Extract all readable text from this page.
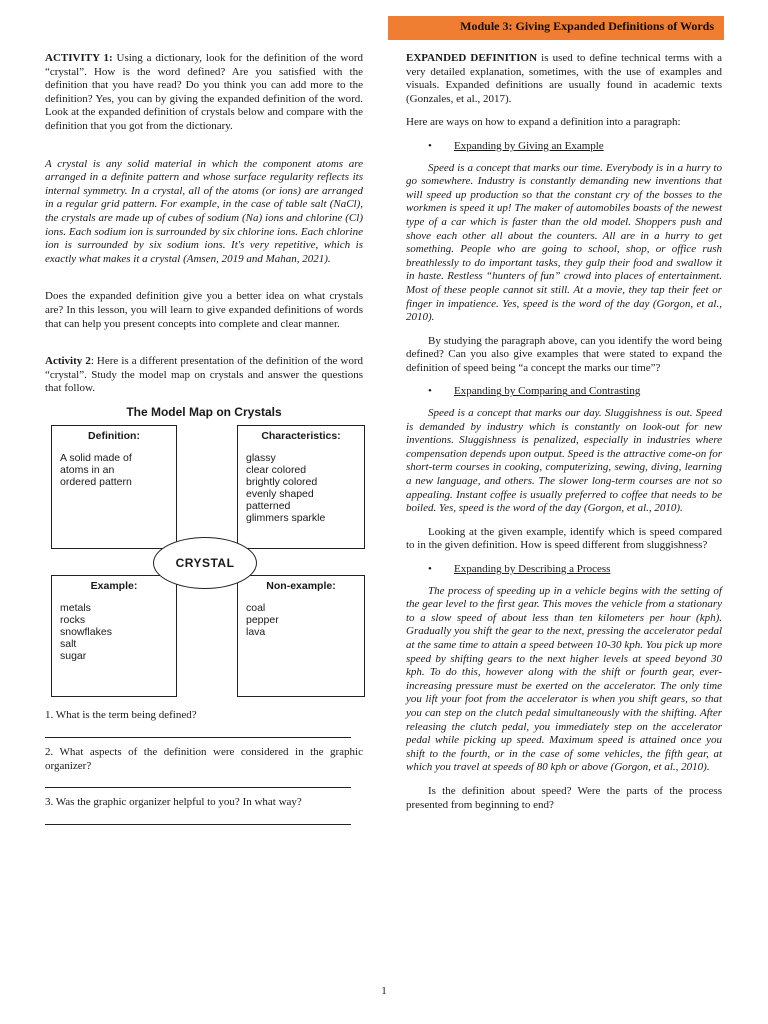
Module 3: Giving Expanded Definitions of Words

ACTIVITY 1: Using a dictionary, look for the definition of the word “crystal”. How is the word defined? Are you satisfied with the definition that you have read? Do you think you can add more to the definition? Yes, you can by giving the expanded definition of the word. Look at the expanded definition of crystals below and compare with the definition that you got from the dictionary.

A crystal is any solid material in which the component atoms are arranged in a definite pattern and whose surface regularity reflects its internal symmetry. In a crystal, all of the atoms (or ions) are arranged in a regular grid pattern. For example, in the case of table salt (NaCl), the crystals are made up of cubes of sodium (Na) ions and chlorine (Cl) ions. Each sodium ion is surrounded by six chlorine ions. Each chlorine ion is surrounded by six sodium ions. It's very repetitive, which is exactly what makes it a crystal (Amsen, 2019 and Mahan, 2021).

Does the expanded definition give you a better idea on what crystals are? In this lesson, you will learn to give expanded definitions of words that can help you present concepts into complete and clear manner.

Activity 2: Here is a different presentation of the definition of the word “crystal”. Study the model map on crystals and answer the questions that follow.

The Model Map on Crystals
Definition:
A solid made of
atoms in an
ordered pattern
Characteristics:
glassy
clear colored
brightly colored
evenly shaped
patterned
glimmers sparkle
Example:
metals
rocks
snowflakes
salt
sugar
Non-example:
coal
pepper
lava
CRYSTAL

1. What is the term being defined?

2. What aspects of the definition were considered in the graphic organizer?

3. Was the graphic organizer helpful to you? In what way?

EXPANDED DEFINITION is used to define technical terms with a very detailed explanation, sometimes, with the use of examples and visuals. Expanded definitions are usually found in academic texts (Gonzales, et al., 2017).

Here are ways on how to expand a definition into a paragraph:

• Expanding by Giving an Example

Speed is a concept that marks our time. Everybody is in a hurry to go somewhere. Industry is constantly demanding new inventions that will speed up production so that the constant cry of the bosses to the workmen is speed it up! The maker of automobiles boasts of the newest type of a car which is faster than the old model. Shoppers push and shove each other all about the counters. All are in a hurry to get something. People who are going to school, shop, or office rush breathlessly to do important tasks, they gulp their food and swallow it in haste. Restless “hunters of fun” crowd into places of entertainment. Most of these people cannot sit still. At a movie, they tap their feet or finger in impatience. Yes, speed is the word of the day (Gorgon, et al., 2010).

By studying the paragraph above, can you identify the word being defined? Can you also give examples that were stated to expand the definition of speed being “a concept the marks our time”?

• Expanding by Comparing and Contrasting

Speed is a concept that marks our day. Sluggishness is out. Speed is demanded by industry which is constantly on look-out for new inventions. Sluggishness is penalized, especially in industries where compensation depends upon output. Speed is the attractive come-on for short-term courses in cooking, computerizing, sewing, diving, learning a new language, and others. The slower long-term courses are not so appealing. Instant coffee is usually preferred to coffee that needs to be boiled. Yes, speed is the word of the day (Gorgon, et al., 2010).

Looking at the given example, identify which is speed compared to in the given definition. How is speed different from sluggishness?

• Expanding by Describing a Process

The process of speeding up in a vehicle begins with the setting of the gear level to the first gear. This moves the vehicle from a stationary to a slow speed of about less than ten kilometers per hour (kph). Gradually you shift the gear to the next, pressing the accelerator pedal at the same time to attain a speed between 10-30 kph. You pick up more speed by shifting gears to the next higher levels at speed beyond 30 kph. To do this, however along with the shift or fourth gear, ever-increasing pressure must be exerted on the accelerator. The only time you lift your foot from the accelerator is when you shift gears, so that you can step on the clutch pedal simultaneously with the shifting. After releasing the clutch pedal, you immediately step on the accelerator pedal while picking up speed. Maximum speed is attained once you shift to the fourth, or in the case of some vehicles, the fifth gear, at which you travel at speeds of 80 kph or above (Gorgon, et al., 2010).

Is the definition about speed? Were the parts of the process presented from beginning to end?

1
